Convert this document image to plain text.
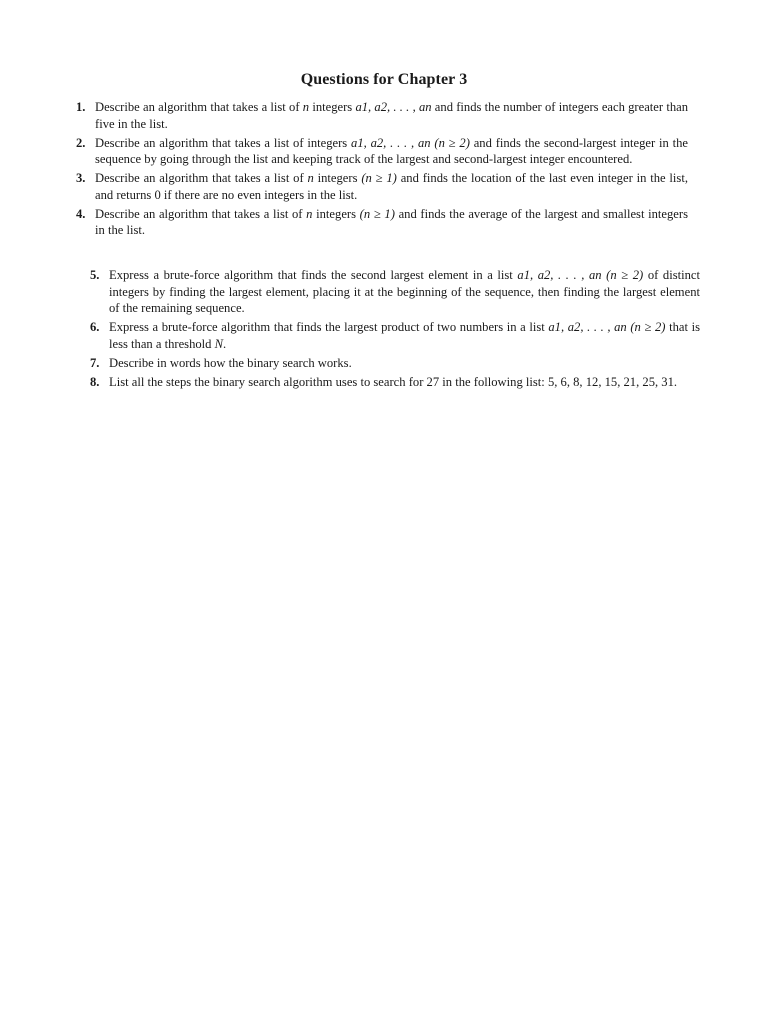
Questions for Chapter 3
1. Describe an algorithm that takes a list of n integers a1, a2, . . . , an and finds the number of integers each greater than five in the list.
2. Describe an algorithm that takes a list of integers a1, a2, . . . , an (n ≥ 2) and finds the second-largest integer in the sequence by going through the list and keeping track of the largest and second-largest integer encountered.
3. Describe an algorithm that takes a list of n integers (n ≥ 1) and finds the location of the last even integer in the list, and returns 0 if there are no even integers in the list.
4. Describe an algorithm that takes a list of n integers (n ≥ 1) and finds the average of the largest and smallest integers in the list.
5. Express a brute-force algorithm that finds the second largest element in a list a1, a2, . . . , an (n ≥ 2) of distinct integers by finding the largest element, placing it at the beginning of the sequence, then finding the largest element of the remaining sequence.
6. Express a brute-force algorithm that finds the largest product of two numbers in a list a1, a2, . . . , an (n ≥ 2) that is less than a threshold N.
7. Describe in words how the binary search works.
8. List all the steps the binary search algorithm uses to search for 27 in the following list: 5, 6, 8, 12, 15, 21, 25, 31.
